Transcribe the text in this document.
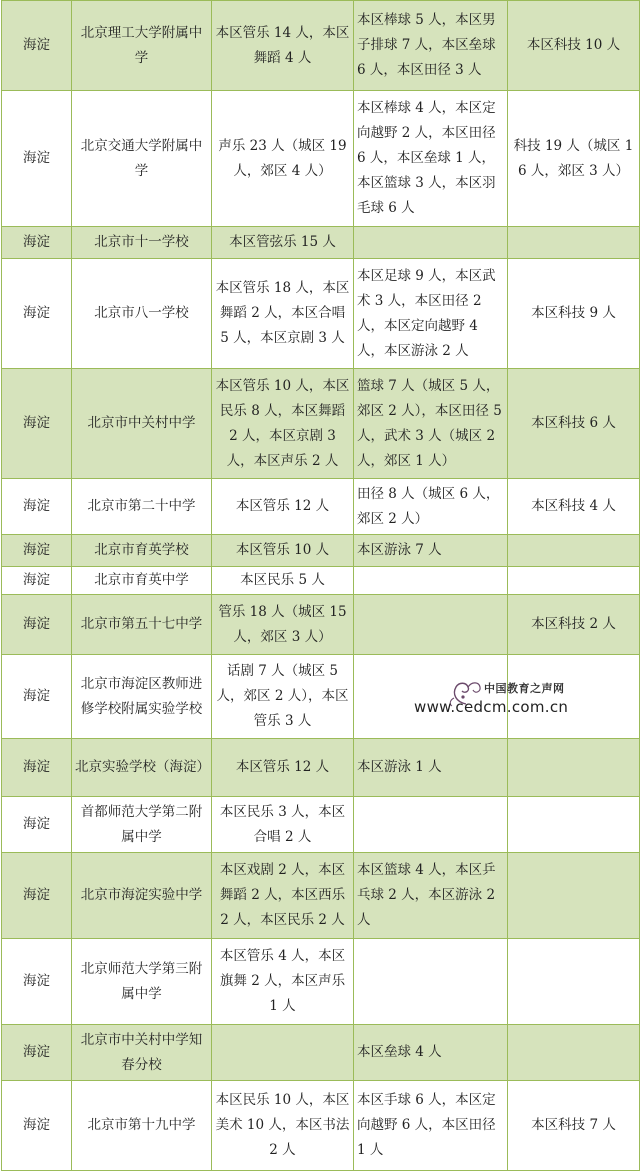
海淀	北京理工大学附属中学	本区管乐 14 人，本区舞蹈 4 人	本区棒球 5 人，本区男子排球 7 人，本区垒球 6 人，本区田径 3 人	本区科技 10 人
海淀	北京交通大学附属中学	声乐 23 人（城区 19 人，郊区 4 人）	本区棒球 4 人，本区定向越野 2 人，本区田径 6 人，本区垒球 1 人，本区篮球 3 人，本区羽毛球 6 人	科技 19 人（城区 16 人，郊区 3 人）
海淀	北京市十一学校	本区管弦乐 15 人		
海淀	北京市八一学校	本区管乐 18 人，本区舞蹈 2 人，本区合唱 5 人，本区京剧 3 人	本区足球 9 人，本区武术 3 人，本区田径 2 人，本区定向越野 4 人，本区游泳 2 人	本区科技 9 人
海淀	北京市中关村中学	本区管乐 10 人，本区民乐 8 人，本区舞蹈 2 人，本区京剧 3 人，本区声乐 2 人	篮球 7 人（城区 5 人，郊区 2 人），本区田径 5 人，武术 3 人（城区 2 人，郊区 1 人）	本区科技 6 人
海淀	北京市第二十中学	本区管乐 12 人	田径 8 人（城区 6 人，郊区 2 人）	本区科技 4 人
海淀	北京市育英学校	本区管乐 10 人	本区游泳 7 人	
海淀	北京市育英中学	本区民乐 5 人		
海淀	北京市第五十七中学	管乐 18 人（城区 15 人，郊区 3 人）		本区科技 2 人
海淀	北京市海淀区教师进修学校附属实验学校	话剧 7 人（城区 5 人，郊区 2 人），本区管乐 3 人		
海淀	北京实验学校（海淀）	本区管乐 12 人	本区游泳 1 人	
海淀	首都师范大学第二附属中学	本区民乐 3 人，本区合唱 2 人		
海淀	北京市海淀实验中学	本区戏剧 2 人，本区舞蹈 2 人，本区西乐 2 人，本区民乐 2 人	本区篮球 4 人，本区乒乓球 2 人，本区游泳 2 人	
海淀	北京师范大学第三附属中学	本区管乐 4 人，本区旗舞 2 人，本区声乐 1 人		
海淀	北京市中关村中学知春分校		本区垒球 4 人	
海淀	北京市第十九中学	本区民乐 10 人，本区美术 10 人，本区书法 2 人	本区手球 6 人，本区定向越野 6 人，本区田径 1 人	本区科技 7 人
中国教育之声网
www.cedcm.com.cn
